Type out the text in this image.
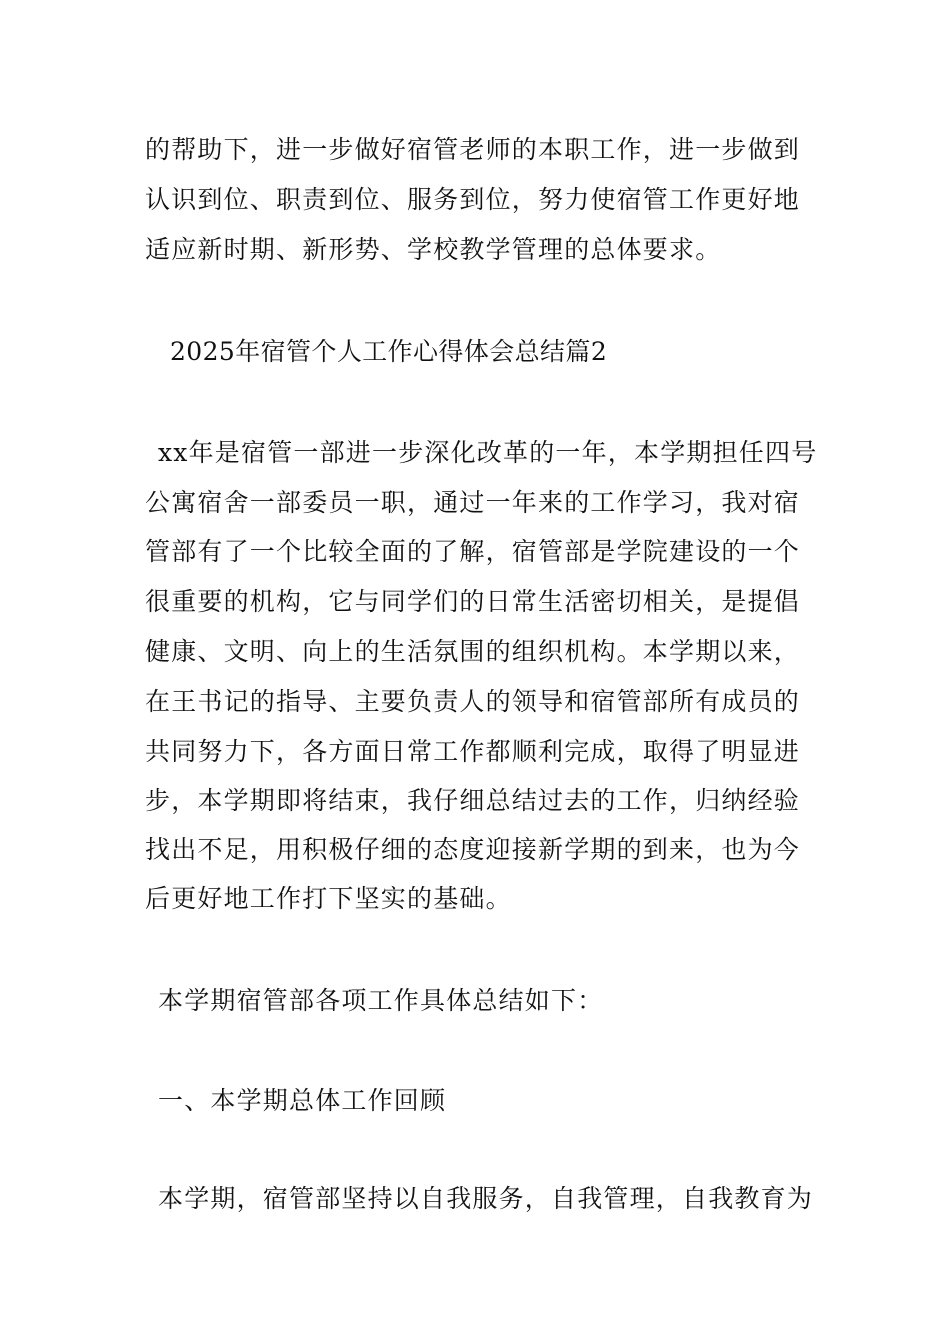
的帮助下，进一步做好宿管老师的本职工作，进一步做到
认识到位、职责到位、服务到位，努力使宿管工作更好地
适应新时期、新形势、学校教学管理的总体要求。
2025年宿管个人工作心得体会总结篇2
xx年是宿管一部进一步深化改革的一年，本学期担任四号
公寓宿舍一部委员一职，通过一年来的工作学习，我对宿
管部有了一个比较全面的了解，宿管部是学院建设的一个
很重要的机构，它与同学们的日常生活密切相关，是提倡
健康、文明、向上的生活氛围的组织机构。本学期以来，
在王书记的指导、主要负责人的领导和宿管部所有成员的
共同努力下，各方面日常工作都顺利完成，取得了明显进
步，本学期即将结束，我仔细总结过去的工作，归纳经验
找出不足，用积极仔细的态度迎接新学期的到来，也为今
后更好地工作打下坚实的基础。
本学期宿管部各项工作具体总结如下：
一、本学期总体工作回顾
本学期，宿管部坚持以自我服务，自我管理，自我教育为
